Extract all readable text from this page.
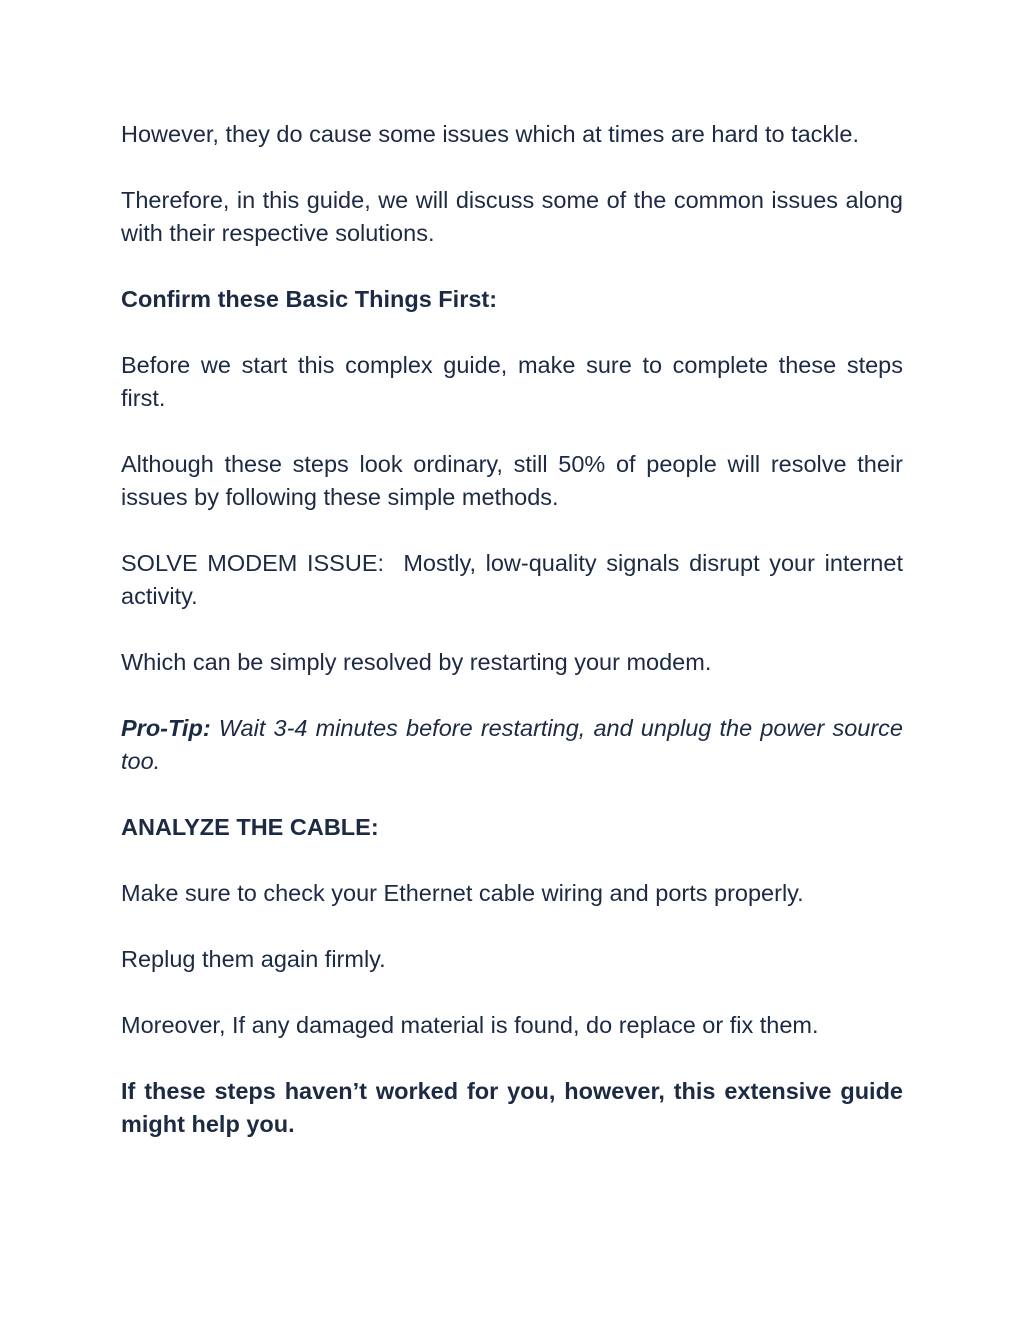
However, they do cause some issues which at times are hard to tackle.

Therefore, in this guide, we will discuss some of the common issues along with their respective solutions.

Confirm these Basic Things First:

Before we start this complex guide, make sure to complete these steps first.

Although these steps look ordinary, still 50% of people will resolve their issues by following these simple methods.

SOLVE MODEM ISSUE: Mostly, low-quality signals disrupt your internet activity.

Which can be simply resolved by restarting your modem.

Pro-Tip: Wait 3-4 minutes before restarting, and unplug the power source too.

ANALYZE THE CABLE:

Make sure to check your Ethernet cable wiring and ports properly.

Replug them again firmly.

Moreover, If any damaged material is found, do replace or fix them.

If these steps haven’t worked for you, however, this extensive guide might help you.
